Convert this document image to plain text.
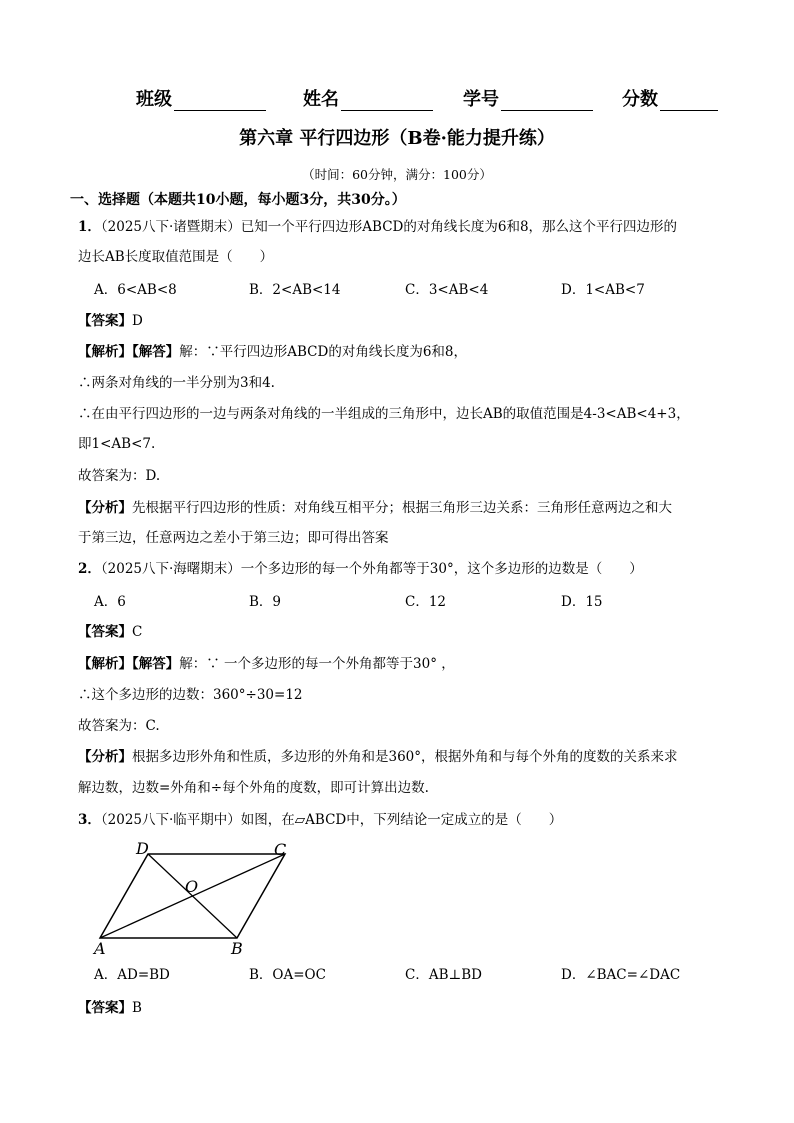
班级	姓名	学号	分数
第六章 平行四边形（B卷·能力提升练）
（时间：60分钟，满分：100分）
一、选择题（本题共10小题，每小题3分，共30分。）
1．（2025八下·诸暨期末）已知一个平行四边形ABCD的对角线长度为6和8，那么这个平行四边形的
边长AB长度取值范围是（　　）
A．6<AB<8	B．2<AB<14	C．3<AB<4	D．1<AB<7
【答案】D
【解析】【解答】解：∵平行四边形ABCD的对角线长度为6和8，
∴两条对角线的一半分别为3和4.
∴在由平行四边形的一边与两条对角线的一半组成的三角形中，边长AB的取值范围是4-3<AB<4+3，
即1<AB<7.
故答案为：D.
【分析】先根据平行四边形的性质：对角线互相平分；根据三角形三边关系：三角形任意两边之和大
于第三边，任意两边之差小于第三边；即可得出答案
2．（2025八下·海曙期末）一个多边形的每一个外角都等于30°，这个多边形的边数是（　　）
A．6	B．9	C．12	D．15
【答案】C
【解析】【解答】解：∵ 一个多边形的每一个外角都等于30° ，
∴这个多边形的边数：360°÷30=12
故答案为：C.
【分析】根据多边形外角和性质，多边形的外角和是360°，根据外角和与每个外角的度数的关系来求
解边数，边数=外角和÷每个外角的度数，即可计算出边数.
3．（2025八下·临平期中）如图，在▱ABCD中，下列结论一定成立的是（　　）
D	C
O
A	B
A．AD=BD	B．OA=OC	C．AB⊥BD	D．∠BAC=∠DAC
【答案】B
